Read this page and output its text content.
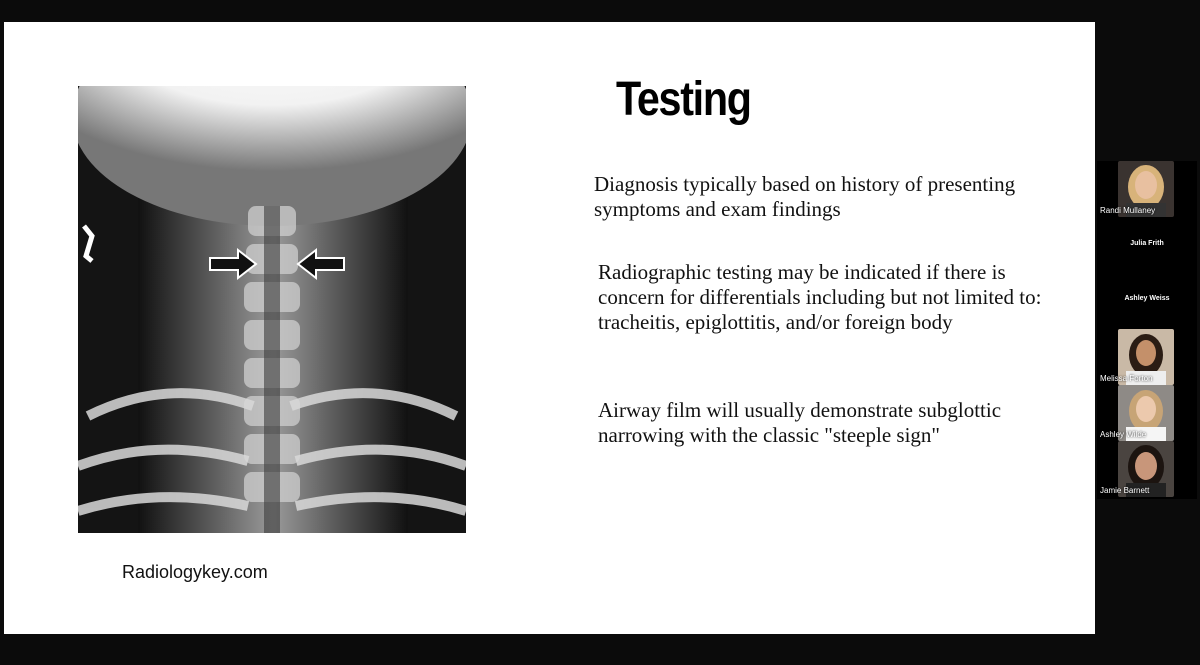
Radiologykey.com
Testing

Diagnosis typically based on history of presenting symptoms and exam findings

Radiographic testing may be indicated if there is concern for differentials including but not limited to: tracheitis, epiglottitis, and/or foreign body

Airway film will usually demonstrate subglottic narrowing with the classic "steeple sign"

Randi Mullaney
Julia Frith
Ashley Weiss
Melissa Forton
Ashley Wilde
Jamie Barnett
